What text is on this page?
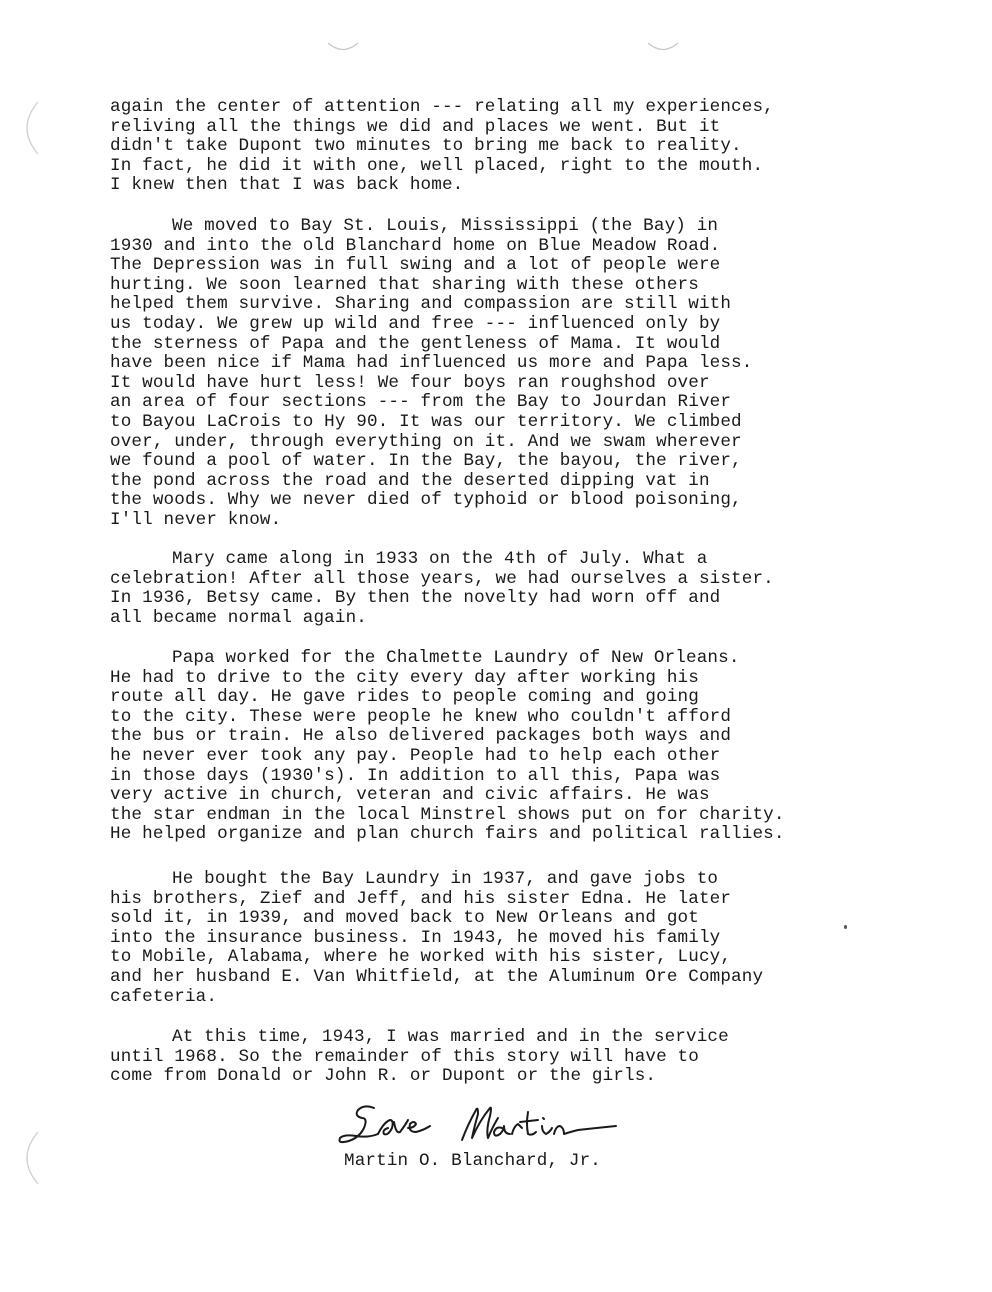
again the center of attention --- relating all my experiences,
reliving all the things we did and places we went. But it
didn't take Dupont two minutes to bring me back to reality.
In fact, he did it with one, well placed, right to the mouth.
I knew then that I was back home.

We moved to Bay St. Louis, Mississippi (the Bay) in
1930 and into the old Blanchard home on Blue Meadow Road.
The Depression was in full swing and a lot of people were
hurting. We soon learned that sharing with these others
helped them survive. Sharing and compassion are still with
us today. We grew up wild and free --- influenced only by
the sterness of Papa and the gentleness of Mama. It would
have been nice if Mama had influenced us more and Papa less.
It would have hurt less! We four boys ran roughshod over
an area of four sections --- from the Bay to Jourdan River
to Bayou LaCrois to Hy 90. It was our territory. We climbed
over, under, through everything on it. And we swam wherever
we found a pool of water. In the Bay, the bayou, the river,
the pond across the road and the deserted dipping vat in
the woods. Why we never died of typhoid or blood poisoning,
I'll never know.

Mary came along in 1933 on the 4th of July. What a
celebration! After all those years, we had ourselves a sister.
In 1936, Betsy came. By then the novelty had worn off and
all became normal again.

Papa worked for the Chalmette Laundry of New Orleans.
He had to drive to the city every day after working his
route all day. He gave rides to people coming and going
to the city. These were people he knew who couldn't afford
the bus or train. He also delivered packages both ways and
he never ever took any pay. People had to help each other
in those days (1930's). In addition to all this, Papa was
very active in church, veteran and civic affairs. He was
the star endman in the local Minstrel shows put on for charity.
He helped organize and plan church fairs and political rallies.

He bought the Bay Laundry in 1937, and gave jobs to
his brothers, Zief and Jeff, and his sister Edna. He later
sold it, in 1939, and moved back to New Orleans and got
into the insurance business. In 1943, he moved his family
to Mobile, Alabama, where he worked with his sister, Lucy,
and her husband E. Van Whitfield, at the Aluminum Ore Company
cafeteria.

At this time, 1943, I was married and in the service
until 1968. So the remainder of this story will have to
come from Donald or John R. or Dupont or the girls.

Martin O. Blanchard, Jr.
